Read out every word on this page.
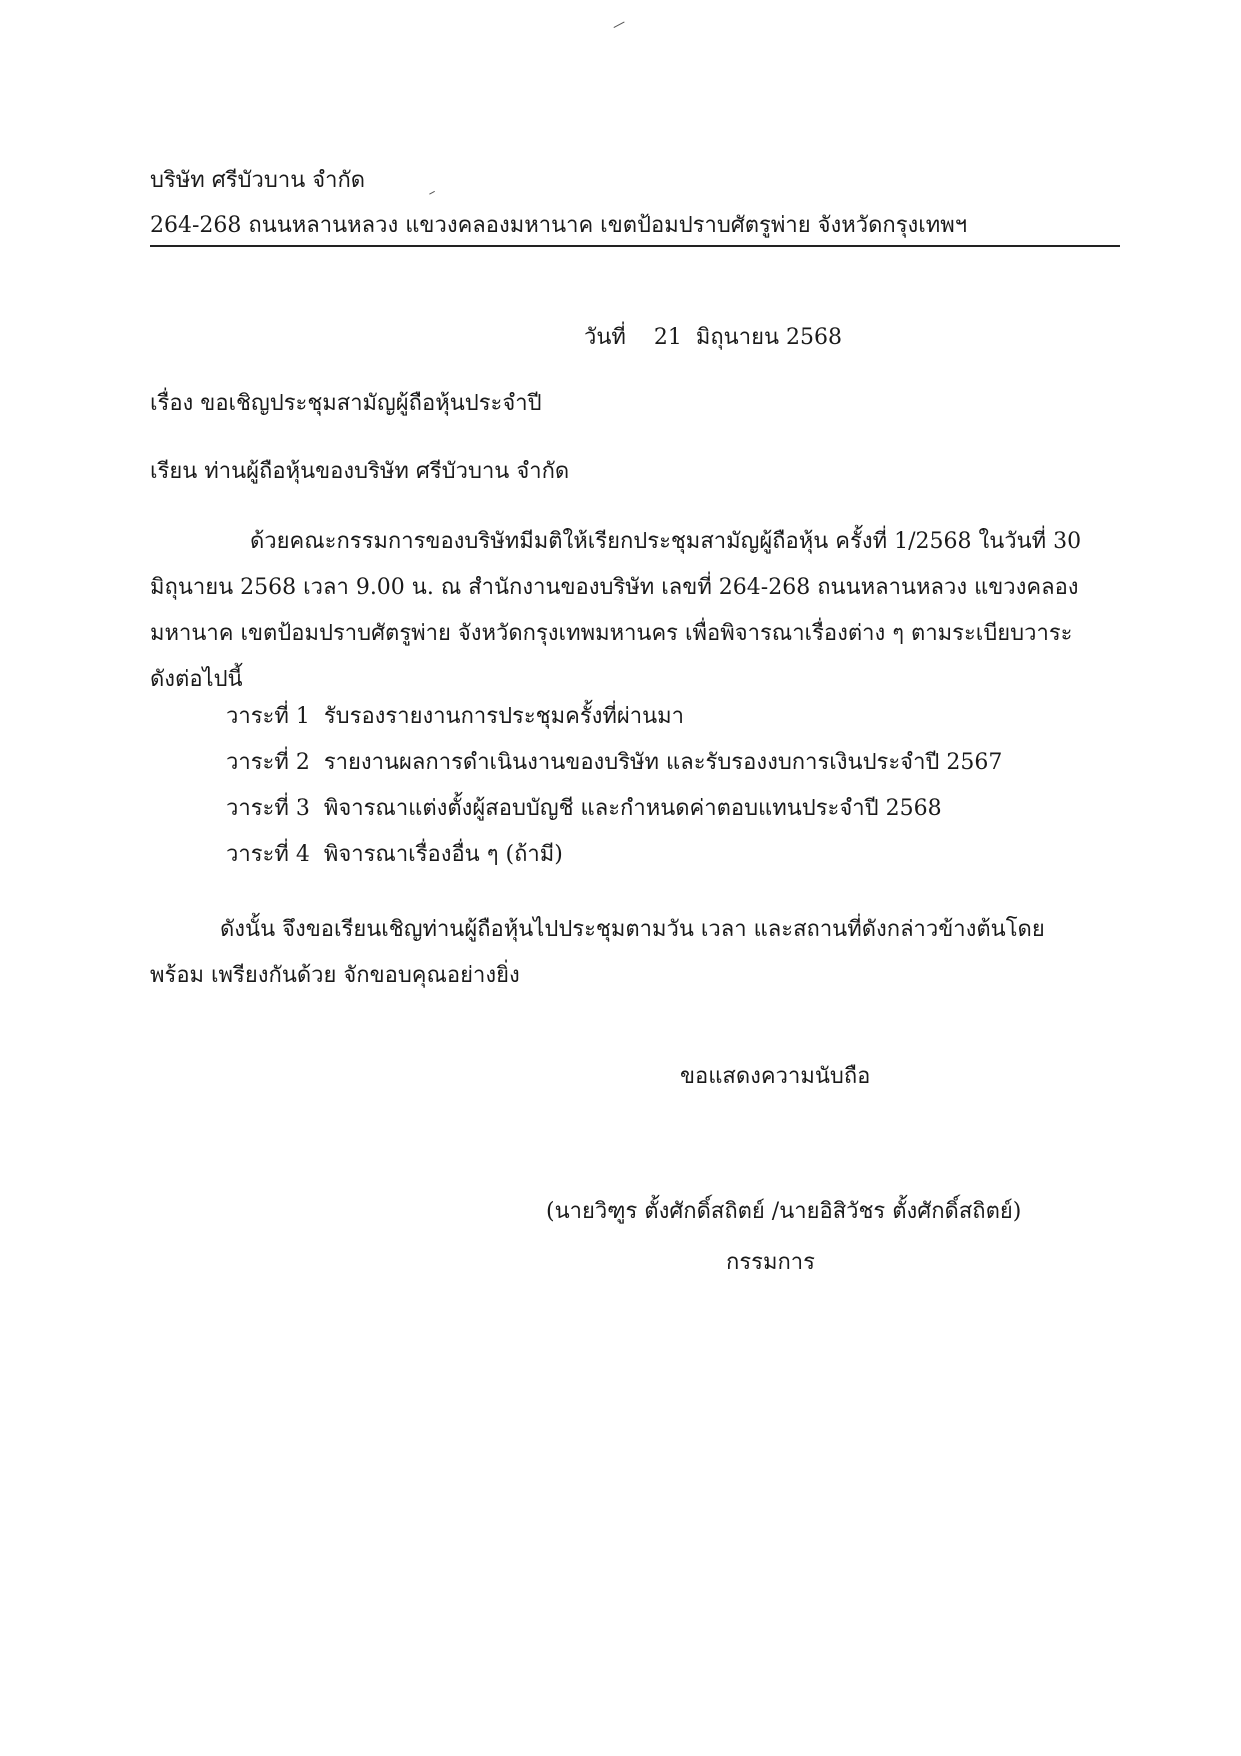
บริษัท ศรีบัวบาน จำกัด
264-268 ถนนหลานหลวง แขวงคลองมหานาค เขตป้อมปราบศัตรูพ่าย จังหวัดกรุงเทพฯ
วันที่    21  มิถุนายน 2568
เรื่อง ขอเชิญประชุมสามัญผู้ถือหุ้นประจำปี
เรียน ท่านผู้ถือหุ้นของบริษัท ศรีบัวบาน จำกัด
ด้วยคณะกรรมการของบริษัทมีมติให้เรียกประชุมสามัญผู้ถือหุ้น ครั้งที่ 1/2568 ในวันที่ 30 มิถุนายน 2568 เวลา 9.00 น. ณ สำนักงานของบริษัท เลขที่ 264-268 ถนนหลานหลวง แขวงคลอง มหานาค เขตป้อมปราบศัตรูพ่าย จังหวัดกรุงเทพมหานคร เพื่อพิจารณาเรื่องต่าง ๆ ตามระเบียบวาระ ดังต่อไปนี้
วาระที่ 1 รับรองรายงานการประชุมครั้งที่ผ่านมา
วาระที่ 2 รายงานผลการดำเนินงานของบริษัท และรับรองงบการเงินประจำปี 2567
วาระที่ 3 พิจารณาแต่งตั้งผู้สอบบัญชี และกำหนดค่าตอบแทนประจำปี 2568
วาระที่ 4 พิจารณาเรื่องอื่น ๆ (ถ้ามี)
ดังนั้น จึงขอเรียนเชิญท่านผู้ถือหุ้นไปประชุมตามวัน เวลา และสถานที่ดังกล่าวข้างต้นโดยพร้อม เพรียงกันด้วย จักขอบคุณอย่างยิ่ง
ขอแสดงความนับถือ
(นายวิฑูร ตั้งศักดิ์สถิตย์ /นายอิสิวัชร ตั้งศักดิ์สถิตย์)
กรรมการ
